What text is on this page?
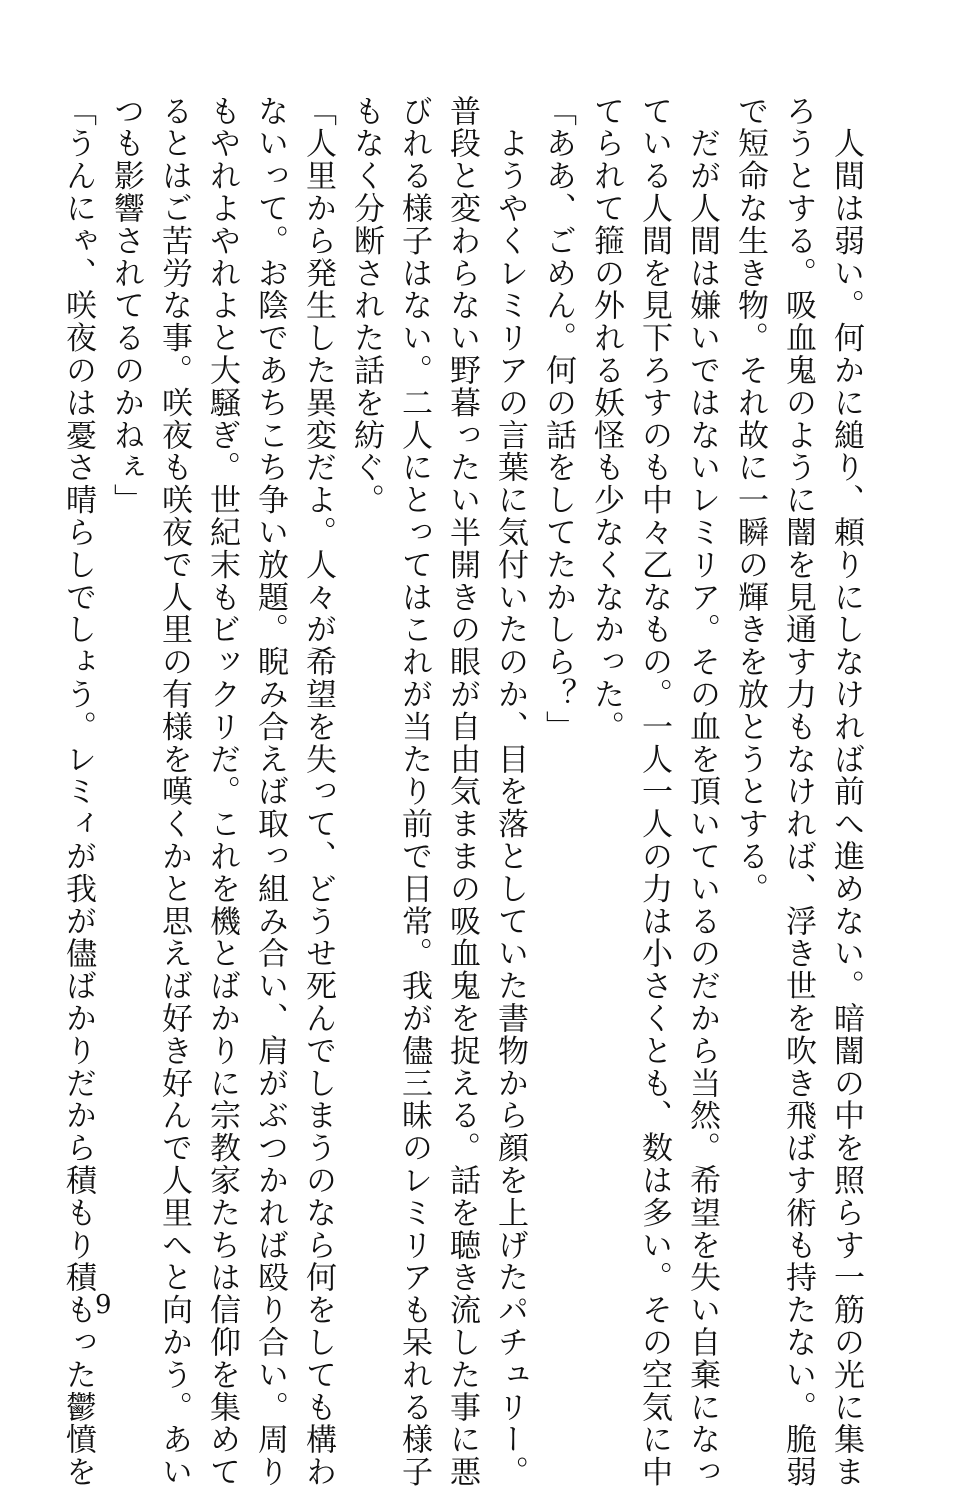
　人間は弱い。何かに縋り、頼りにしなければ前へ進めない。暗闇の中を照らす一筋の光に集ま
ろうとする。吸血鬼のように闇を見通す力もなければ、浮き世を吹き飛ばす術も持たない。脆弱
で短命な生き物。それ故に一瞬の輝きを放とうとする。
　だが人間は嫌いではないレミリア。その血を頂いているのだから当然。希望を失い自棄になっ
ている人間を見下ろすのも中々乙なもの。一人一人の力は小さくとも、数は多い。その空気に中
てられて箍の外れる妖怪も少なくなかった。
「ああ、ごめん。何の話をしてたかしら？」
　ようやくレミリアの言葉に気付いたのか、目を落としていた書物から顔を上げたパチュリー。
普段と変わらない野暮ったい半開きの眼が自由気ままの吸血鬼を捉える。話を聴き流した事に悪
びれる様子はない。二人にとってはこれが当たり前で日常。我が儘三昧のレミリアも呆れる様子
もなく分断された話を紡ぐ。
「人里から発生した異変だよ。人々が希望を失って、どうせ死んでしまうのなら何をしても構わ
ないって。お陰であちこち争い放題。睨み合えば取っ組み合い、肩がぶつかれば殴り合い。周り
もやれよやれよと大騒ぎ。世紀末もビックリだ。これを機とばかりに宗教家たちは信仰を集めて
るとはご苦労な事。咲夜も咲夜で人里の有様を嘆くかと思えば好き好んで人里へと向かう。あい
つも影響されてるのかねぇ」
「うんにゃ、咲夜のは憂さ晴らしでしょう。レミィが我が儘ばかりだから積もり積もった鬱憤を 9
